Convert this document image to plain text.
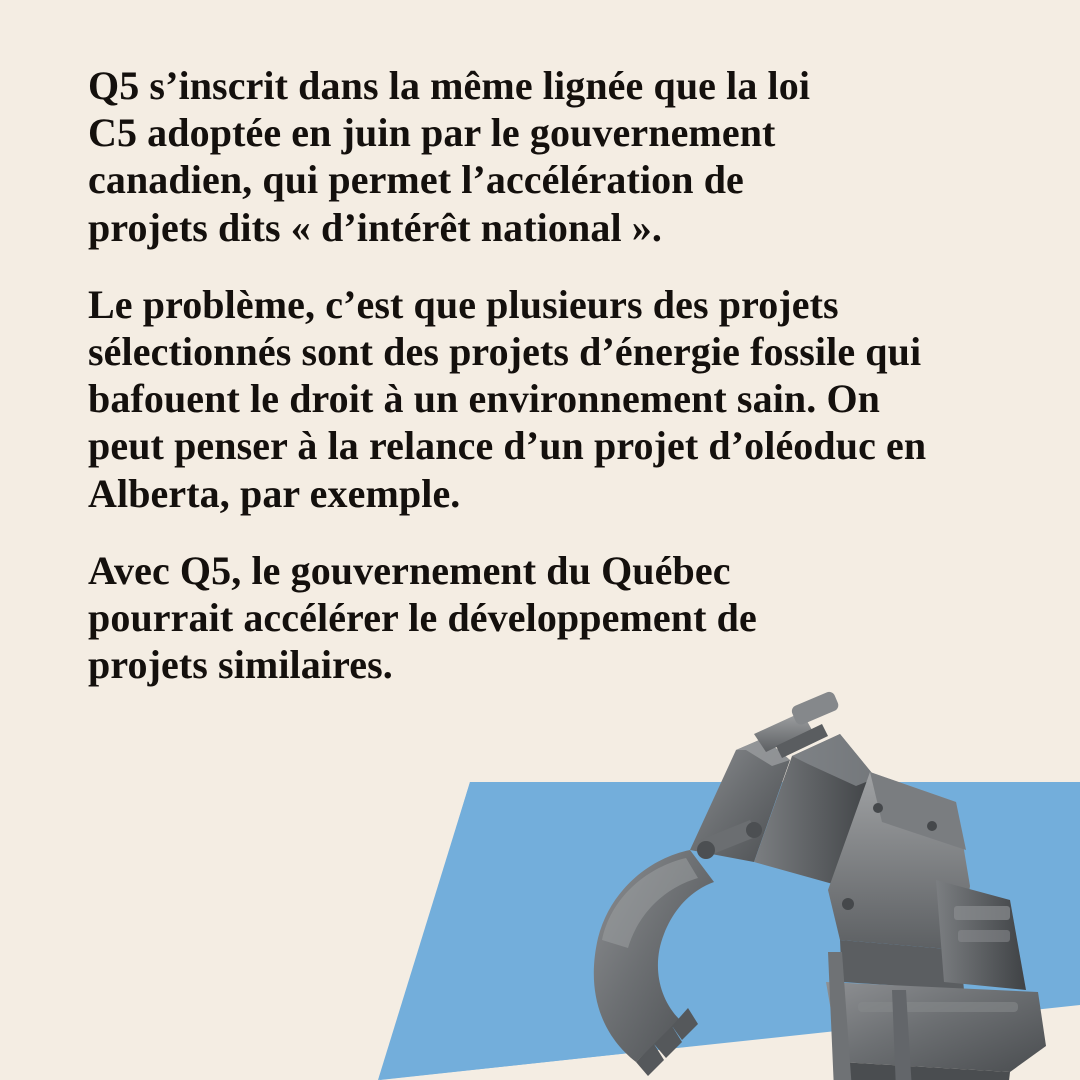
Q5 s’inscrit dans la même lignée que la loi C5 adoptée en juin par le gouvernement canadien, qui permet l’accélération de projets dits « d’intérêt national ».

Le problème, c’est que plusieurs des projets sélectionnés sont des projets d’énergie fossile qui bafouent le droit à un environnement sain. On peut penser à la relance d’un projet d’oléoduc en Alberta, par exemple.

Avec Q5, le gouvernement du Québec pourrait accélérer le développement de projets similaires.
